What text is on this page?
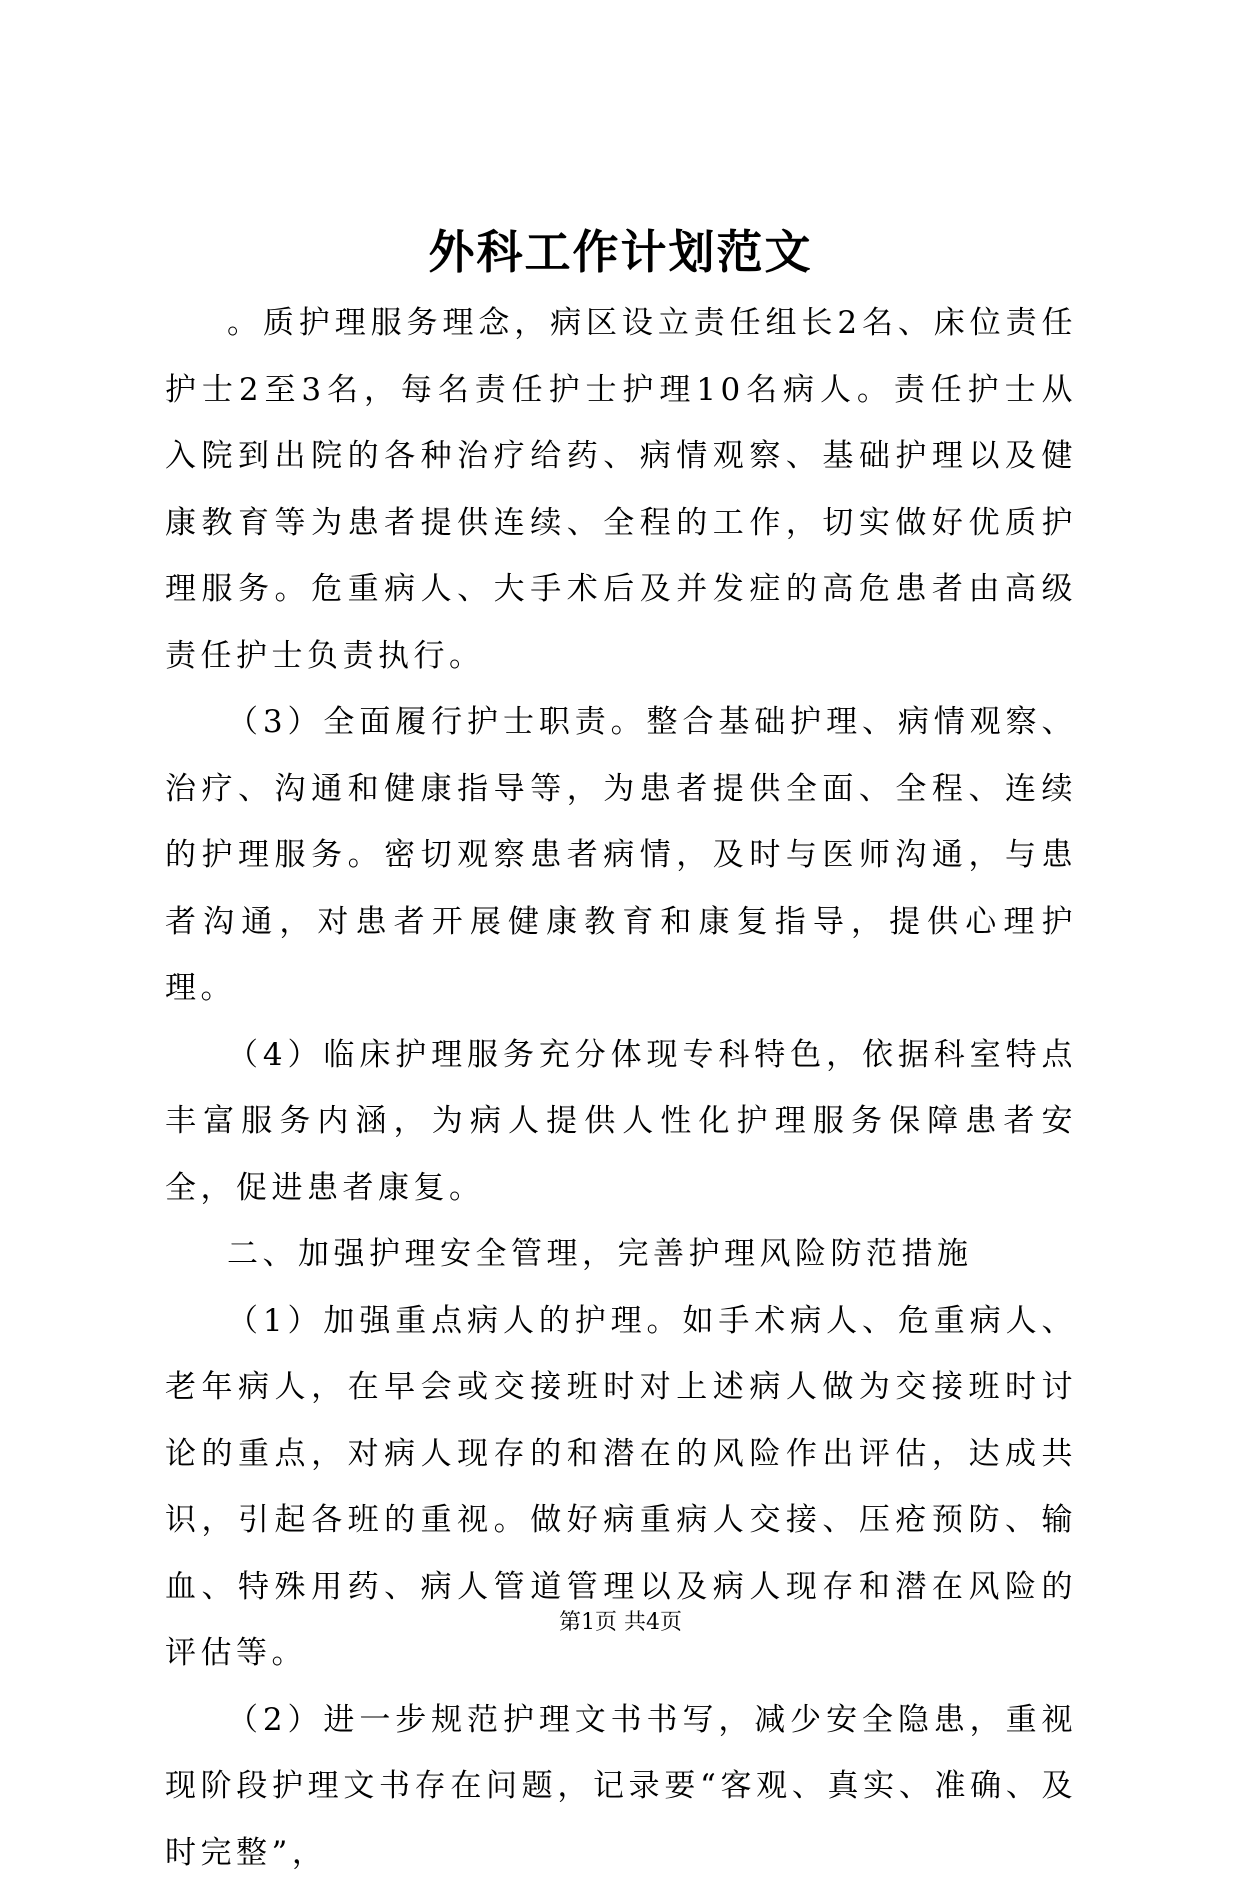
外科工作计划范文

。质护理服务理念，病区设立责任组长2名、床位责任护士2至3名，每名责任护士护理10名病人。责任护士从入院到出院的各种治疗给药、病情观察、基础护理以及健康教育等为患者提供连续、全程的工作，切实做好优质护理服务。危重病人、大手术后及并发症的高危患者由高级责任护士负责执行。

（3）全面履行护士职责。整合基础护理、病情观察、治疗、沟通和健康指导等，为患者提供全面、全程、连续的护理服务。密切观察患者病情，及时与医师沟通，与患者沟通，对患者开展健康教育和康复指导，提供心理护理。

（4）临床护理服务充分体现专科特色，依据科室特点丰富服务内涵，为病人提供人性化护理服务保障患者安全，促进患者康复。

二、加强护理安全管理，完善护理风险防范措施

（1）加强重点病人的护理。如手术病人、危重病人、老年病人，在早会或交接班时对上述病人做为交接班时讨论的重点，对病人现存的和潜在的风险作出评估，达成共识，引起各班的重视。做好病重病人交接、压疮预防、输血、特殊用药、病人管道管理以及病人现存和潜在风险的评估等。

（2）进一步规范护理文书书写，减少安全隐患，重视现阶段护理文书存在问题，记录要“客观、真实、准确、及时完整”，

第1页 共4页
